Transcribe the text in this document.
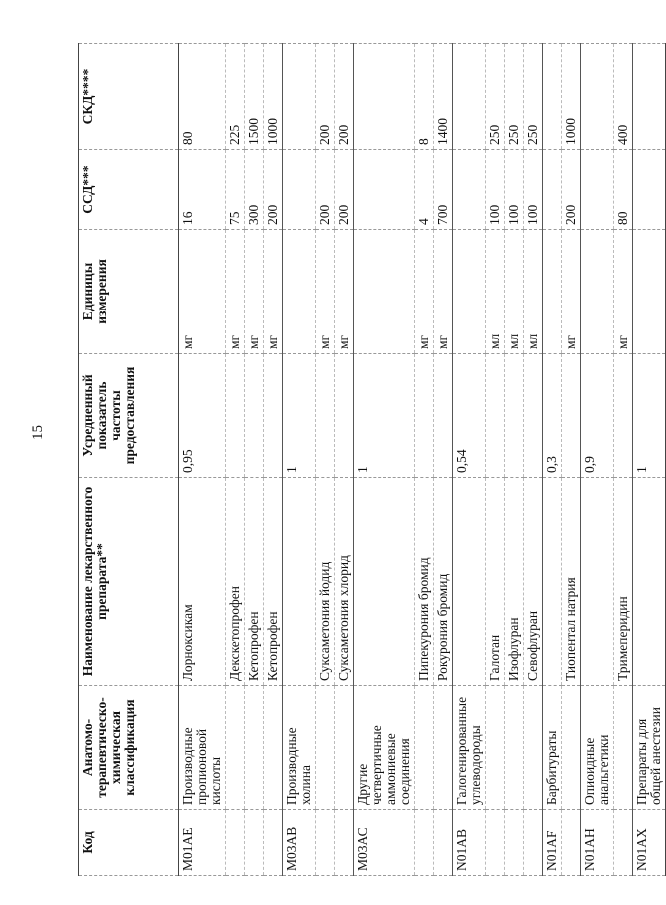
15
Код	Анатомо-терапевтическо-химическая классификация	Наименование лекарственного препарата**	Усредненный показатель частоты предоставления	Единицы измерения	ССД***	СКД****
М01АЕ	Производные пропионовой кислоты	Лорноксикам	0,95	мг	16	80
		Декскетопрофен		мг	75	225
		Кетопрофен		мг	300	1500
		Кетопрофен		мг	200	1000
М03АВ	Производные холина		1			
		Суксаметония йодид		мг	200	200
		Суксаметония хлорид		мг	200	200
М03АС	Другие четвертичные аммониевые соединения		1			
		Пипекурония бромид		мг	4	8
		Рокурония бромид		мг	700	1400
N01AB	Галогенированные углеводороды		0,54			
		Галотан		мл	100	250
		Изофлуран		мл	100	250
		Севофлуран		мл	100	250
N01AF	Барбитураты		0,3			
		Тиопентал натрия		мг	200	1000
N01AH	Опиоидные анальгетики		0,9			
		Тримеперидин		мг	80	400
N01AX	Препараты для общей анестезии		1			
